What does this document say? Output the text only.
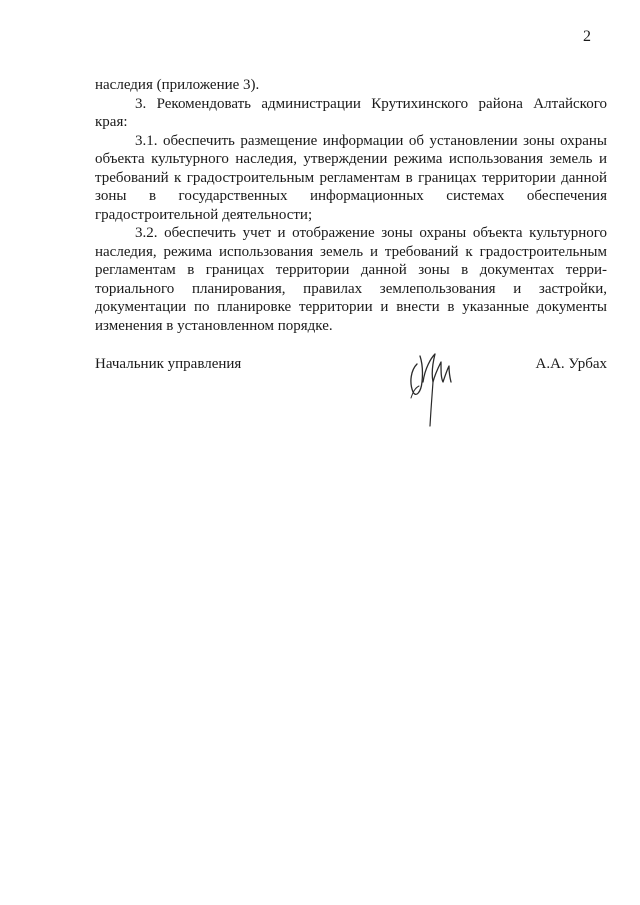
2

наследия (приложение 3).

3. Рекомендовать администрации Крутихинского района Алтайского края:

3.1. обеспечить размещение информации об установлении зоны охраны объекта культурного наследия, утверждении режима использования земель и требований к градостроительным регламентам в границах территории данной зоны в государственных информационных системах обеспечения градостроительной деятельности;

3.2. обеспечить учет и отображение зоны охраны объекта культурного наследия, режима использования земель и требований к градостроительным регламентам в границах территории данной зоны в документах территориального планирования, правилах землепользования и застройки, документации по планировке территории и внести в указанные документы изменения в установленном порядке.

Начальник управления	А.А. Урбах
